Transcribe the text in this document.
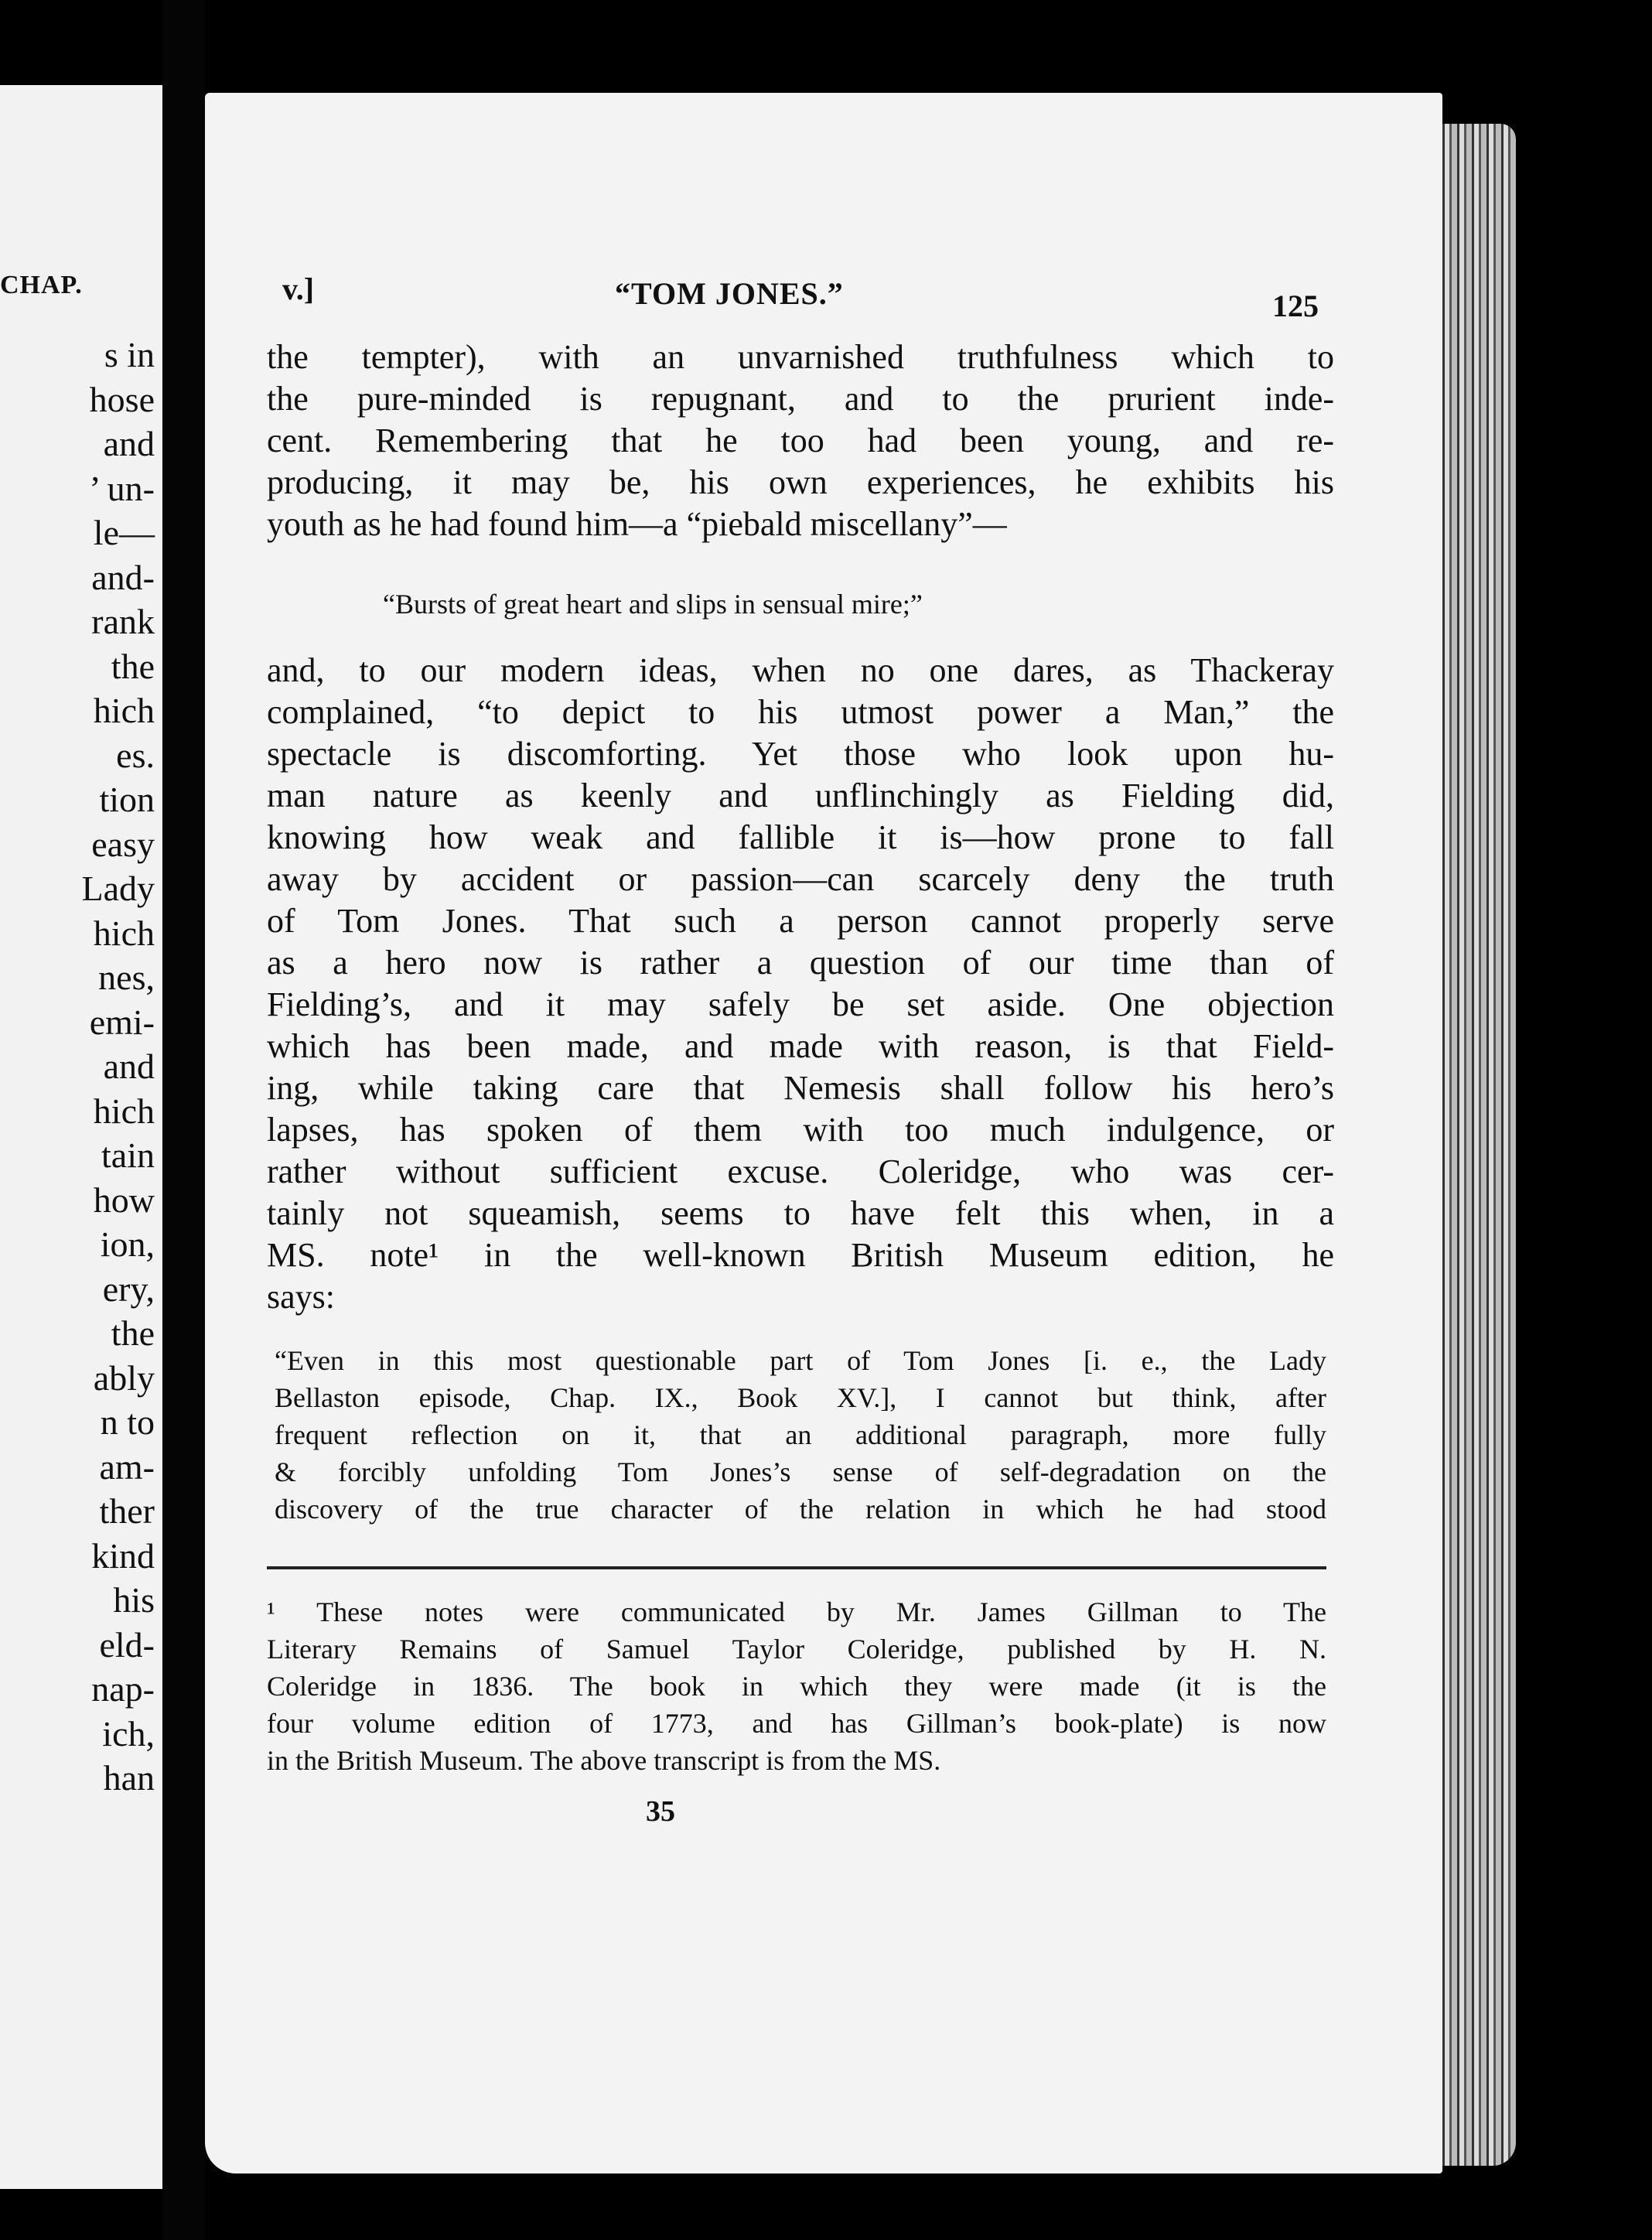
CHAP.
s in
hose
and
’ un-
le—
and-
rank
the
hich
es.
tion
easy
Lady
hich
nes,
emi-
and
hich
tain
how
ion,
ery,
the
ably
n to
am-
ther
kind
his
eld-
nap-
ich,
han
v.]	“TOM JONES.”	125
the tempter), with an unvarnished truthfulness which to
the pure-minded is repugnant, and to the prurient inde-
cent. Remembering that he too had been young, and re-
producing, it may be, his own experiences, he exhibits his
youth as he had found him—a “piebald miscellany”—
“Bursts of great heart and slips in sensual mire;”
and, to our modern ideas, when no one dares, as Thackeray
complained, “to depict to his utmost power a Man,” the
spectacle is discomforting. Yet those who look upon hu-
man nature as keenly and unflinchingly as Fielding did,
knowing how weak and fallible it is—how prone to fall
away by accident or passion—can scarcely deny the truth
of Tom Jones. That such a person cannot properly serve
as a hero now is rather a question of our time than of
Fielding’s, and it may safely be set aside. One objection
which has been made, and made with reason, is that Field-
ing, while taking care that Nemesis shall follow his hero’s
lapses, has spoken of them with too much indulgence, or
rather without sufficient excuse. Coleridge, who was cer-
tainly not squeamish, seems to have felt this when, in a
MS. note¹ in the well-known British Museum edition, he
says:
“Even in this most questionable part of Tom Jones [i. e., the Lady
Bellaston episode, Chap. IX., Book XV.], I cannot but think, after
frequent reflection on it, that an additional paragraph, more fully
& forcibly unfolding Tom Jones’s sense of self-degradation on the
discovery of the true character of the relation in which he had stood
¹ These notes were communicated by Mr. James Gillman to The
Literary Remains of Samuel Taylor Coleridge, published by H. N.
Coleridge in 1836. The book in which they were made (it is the
four volume edition of 1773, and has Gillman’s book-plate) is now
in the British Museum. The above transcript is from the MS.
35
